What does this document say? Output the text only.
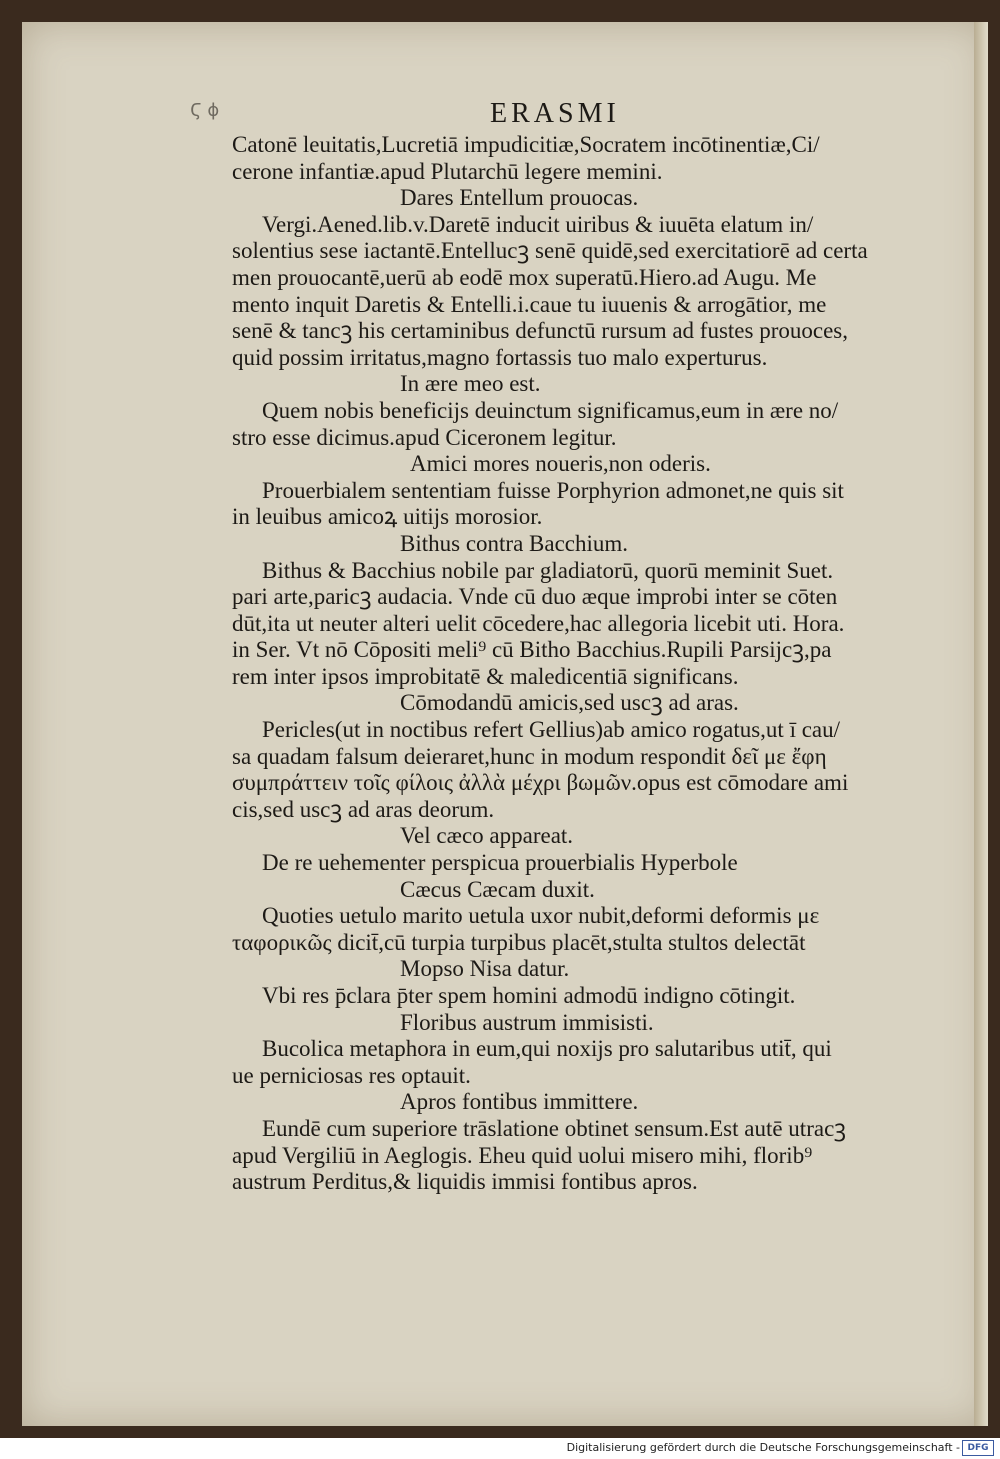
Ϛ ϕ	ERASMI
Catonē leuitatis,Lucretiā impudicitiæ,Socratem incōtinentiæ,Ci/
cerone infantiæ.apud Plutarchū legere memini.
Dares Entellum prouocas.
Vergi.Aened.lib.v.Daretē inducit uiribus & iuuēta elatum in/
solentius sese iactantē.Entellucꝫ senē quidē,sed exercitatiorē ad certa
men prouocantē,uerū ab eodē mox superatū.Hiero.ad Augu. Me
mento inquit Daretis & Entelli.i.caue tu iuuenis & arrogātior, me
senē & tancꝫ his certaminibus defunctū rursum ad fustes prouoces,
quid possim irritatus,magno fortassis tuo malo experturus.
In ære meo est.
Quem nobis beneficijs deuinctum significamus,eum in ære no/
stro esse dicimus.apud Ciceronem legitur.
Amici mores noueris,non oderis.
Prouerbialem sententiam fuisse Porphyrion admonet,ne quis sit
in leuibus amicoꝝ uitijs morosior.
Bithus contra Bacchium.
Bithus & Bacchius nobile par gladiatorū, quorū meminit Suet.
pari arte,paricꝫ audacia. Vnde cū duo æque improbi inter se cōten
dūt,ita ut neuter alteri uelit cōcedere,hac allegoria licebit uti. Hora.
in Ser. Vt nō Cōpositi meli⁹ cū Bitho Bacchius.Rupili Parsijcꝫ,pa
rem inter ipsos improbitatē & maledicentiā significans.
Cōmodandū amicis,sed uscꝫ ad aras.
Pericles(ut in noctibus refert Gellius)ab amico rogatus,ut ī cau/
sa quadam falsum deieraret,hunc in modum respondit δεῖ με ἔφη
συμπράττειν τοῖς φίλοις ἀλλὰ μέχρι βωμῶν.opus est cōmodare ami
cis,sed uscꝫ ad aras deorum.
Vel cæco appareat.
De re uehementer perspicua prouerbialis Hyperbole
Cæcus Cæcam duxit.
Quoties uetulo marito uetula uxor nubit,deformi deformis με
ταφορικῶς dicit̄,cū turpia turpibus placēt,stulta stultos delectāt
Mopso Nisa datur.
Vbi res p̄clara p̄ter spem homini admodū indigno cōtingit.
Floribus austrum immisisti.
Bucolica metaphora in eum,qui noxijs pro salutaribus utit̄, qui
ue perniciosas res optauit.
Apros fontibus immittere.
Eundē cum superiore trāslatione obtinet sensum.Est autē utracꝫ
apud Vergiliū in Aeglogis. Eheu quid uolui misero mihi, florib⁹
austrum Perditus,& liquidis immisi fontibus apros.
Digitalisierung gefördert durch die Deutsche Forschungsgemeinschaft - DFG
